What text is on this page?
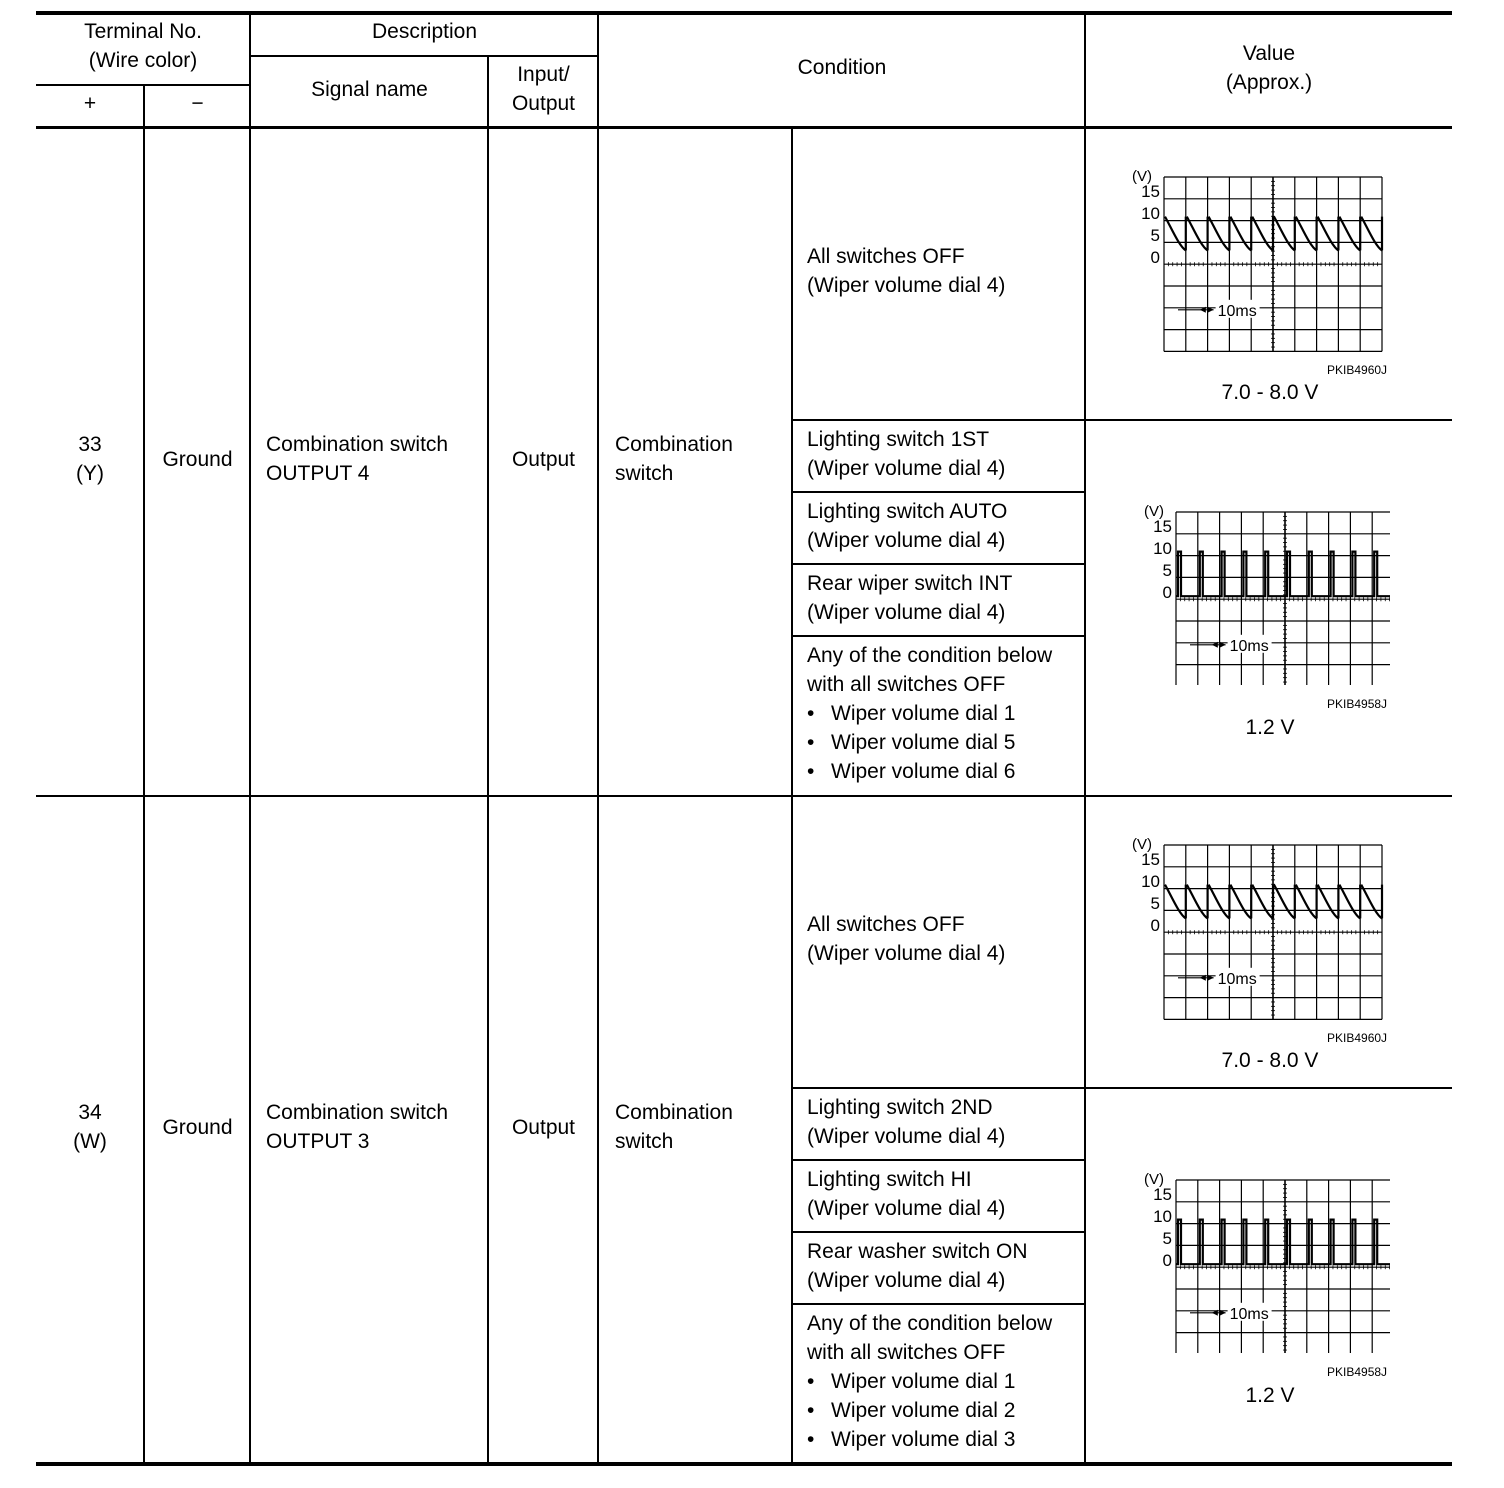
Terminal No.
(Wire color)
+	−
Description
Signal name
Input/
Output
Condition
Value
(Approx.)
33
(Y)
Ground
Combination switch
OUTPUT 4
Output
Combination
switch
All switches OFF
(Wiper volume dial 4)
Lighting switch 1ST
(Wiper volume dial 4)
Lighting switch AUTO
(Wiper volume dial 4)
Rear wiper switch INT
(Wiper volume dial 4)
Any of the condition below
with all switches OFF
• Wiper volume dial 1
• Wiper volume dial 5
• Wiper volume dial 6
(V)
15
10
5
0
10ms
PKIB4960J
7.0 - 8.0 V
(V)
15
10
5
0
10ms
PKIB4958J
1.2 V
34
(W)
Ground
Combination switch
OUTPUT 3
Output
Combination
switch
All switches OFF
(Wiper volume dial 4)
Lighting switch 2ND
(Wiper volume dial 4)
Lighting switch HI
(Wiper volume dial 4)
Rear washer switch ON
(Wiper volume dial 4)
Any of the condition below
with all switches OFF
• Wiper volume dial 1
• Wiper volume dial 2
• Wiper volume dial 3
(V)
15
10
5
0
10ms
PKIB4960J
7.0 - 8.0 V
(V)
15
10
5
0
10ms
PKIB4958J
1.2 V
